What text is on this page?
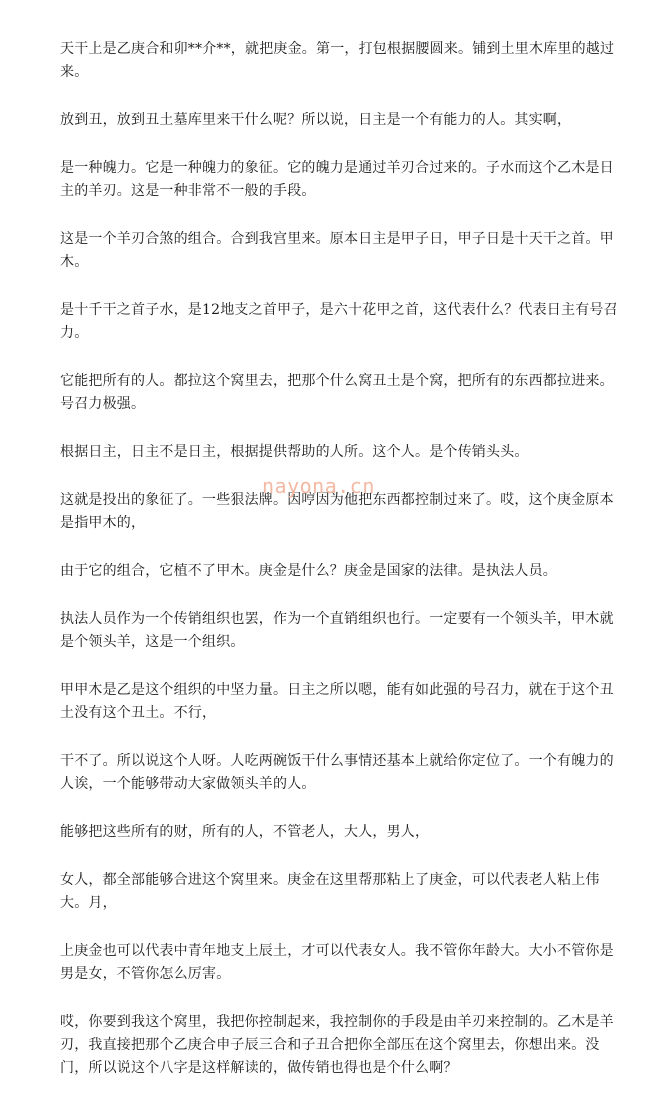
天干上是乙庚合和卯**介**，就把庚金。第一，打包根据腰圆来。铺到土里木库里的越过来。

放到丑，放到丑土墓库里来干什么呢？所以说，日主是一个有能力的人。其实啊，

是一种魄力。它是一种魄力的象征。它的魄力是通过羊刃合过来的。子水而这个乙木是日主的羊刃。这是一种非常不一般的手段。

这是一个羊刃合煞的组合。合到我宫里来。原本日主是甲子日，甲子日是十天干之首。甲木。

是十千干之首子水，是12地支之首甲子，是六十花甲之首，这代表什么？代表日主有号召力。

它能把所有的人。都拉这个窝里去，把那个什么窝丑土是个窝，把所有的东西都拉进来。号召力极强。

根据日主，日主不是日主，根据提供帮助的人所。这个人。是个传销头头。

这就是投出的象征了。一些狠法牌。因哼因为他把东西都控制过来了。哎，这个庚金原本是指甲木的，

由于它的组合，它植不了甲木。庚金是什么？庚金是国家的法律。是执法人员。

执法人员作为一个传销组织也罢，作为一个直销组织也行。一定要有一个领头羊，甲木就是个领头羊，这是一个组织。

甲甲木是乙是这个组织的中坚力量。日主之所以嗯，能有如此强的号召力，就在于这个丑土没有这个丑土。不行，

干不了。所以说这个人呀。人吃两碗饭干什么事情还基本上就给你定位了。一个有魄力的人诶，一个能够带动大家做领头羊的人。

能够把这些所有的财，所有的人，不管老人，大人，男人，

女人，都全部能够合进这个窝里来。庚金在这里帮那粘上了庚金，可以代表老人粘上伟大。月，

上庚金也可以代表中青年地支上辰土，才可以代表女人。我不管你年龄大。大小不管你是男是女，不管你怎么厉害。

哎，你要到我这个窝里，我把你控制起来，我控制你的手段是由羊刃来控制的。乙木是羊刃，我直接把那个乙庚合申子辰三合和子丑合把你全部压在这个窝里去，你想出来。没门，所以说这个八字是这样解读的，做传销也得也是个什么啊？

nayona.cn
